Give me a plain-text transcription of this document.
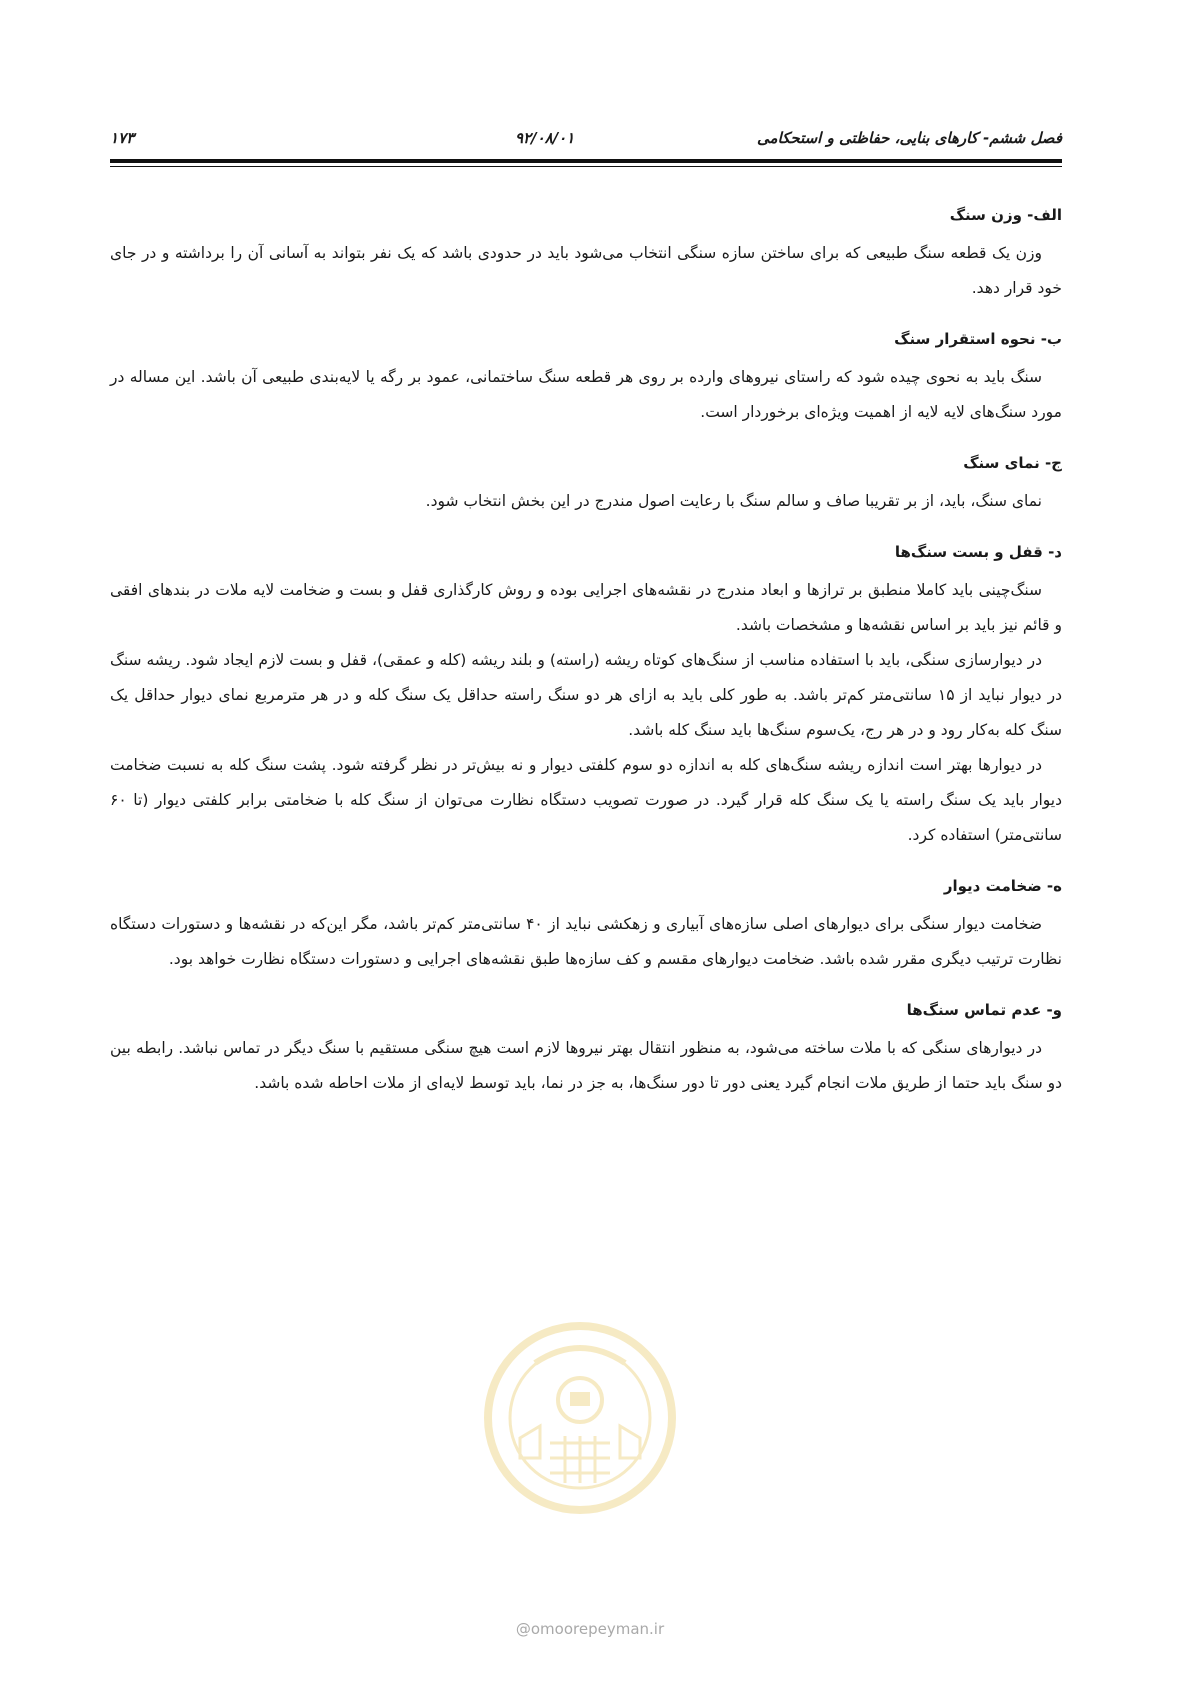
فصل ششم- کارهای بنایی، حفاظتی و استحکامی
۹۲/۰۸/۰۱
۱۷۳
الف- وزن سنگ

وزن یک قطعه سنگ طبیعی که برای ساختن سازه سنگی انتخاب می‌شود باید در حدودی باشد که یک نفر بتواند به آسانی آن را برداشته و در جای خود قرار دهد.

ب- نحوه استقرار سنگ

سنگ باید به نحوی چیده شود که راستای نیروهای وارده بر روی هر قطعه سنگ ساختمانی، عمود بر رگه یا لایه‌بندی طبیعی آن باشد. این مساله در مورد سنگ‌های لایه لایه از اهمیت ویژه‌ای برخوردار است.

ج- نمای سنگ

نمای سنگ، باید، از بر تقریبا صاف و سالم سنگ با رعایت اصول مندرج در این بخش انتخاب شود.

د- قفل و بست سنگ‌ها

سنگ‌چینی باید کاملا منطبق بر ترازها و ابعاد مندرج در نقشه‌های اجرایی بوده و روش کارگذاری قفل و بست و ضخامت لایه ملات در بندهای افقی و قائم نیز باید بر اساس نقشه‌ها و مشخصات باشد.

در دیوارسازی سنگی، باید با استفاده مناسب از سنگ‌های کوتاه ریشه (راسته) و بلند ریشه (کله و عمقی)، قفل و بست لازم ایجاد شود. ریشه سنگ در دیوار نباید از ۱۵ سانتی‌متر کم‌تر باشد. به طور کلی باید به ازای هر دو سنگ راسته حداقل یک سنگ کله و در هر مترمربع نمای دیوار حداقل یک سنگ کله به‌کار رود و در هر رج، یک‌سوم سنگ‌ها باید سنگ کله باشد.

در دیوارها بهتر است اندازه ریشه سنگ‌های کله به اندازه دو سوم کلفتی دیوار و نه بیش‌تر در نظر گرفته شود. پشت سنگ کله به نسبت ضخامت دیوار باید یک سنگ راسته یا یک سنگ کله قرار گیرد. در صورت تصویب دستگاه نظارت می‌توان از سنگ کله با ضخامتی برابر کلفتی دیوار (تا ۶۰ سانتی‌متر) استفاده کرد.

ه- ضخامت دیوار

ضخامت دیوار سنگی برای دیوارهای اصلی سازه‌های آبیاری و زهکشی نباید از ۴۰ سانتی‌متر کم‌تر باشد، مگر این‌که در نقشه‌ها و دستورات دستگاه نظارت ترتیب دیگری مقرر شده باشد. ضخامت دیوارهای مقسم و کف سازه‌ها طبق نقشه‌های اجرایی و دستورات دستگاه نظارت خواهد بود.

و- عدم تماس سنگ‌ها

در دیوارهای سنگی که با ملات ساخته می‌شود، به منظور انتقال بهتر نیروها لازم است هیچ سنگی مستقیم با سنگ دیگر در تماس نباشد. رابطه بین دو سنگ باید حتما از طریق ملات انجام گیرد یعنی دور تا دور سنگ‌ها، به جز در نما، باید توسط لایه‌ای از ملات احاطه شده باشد.

@omoorepeyman.ir
